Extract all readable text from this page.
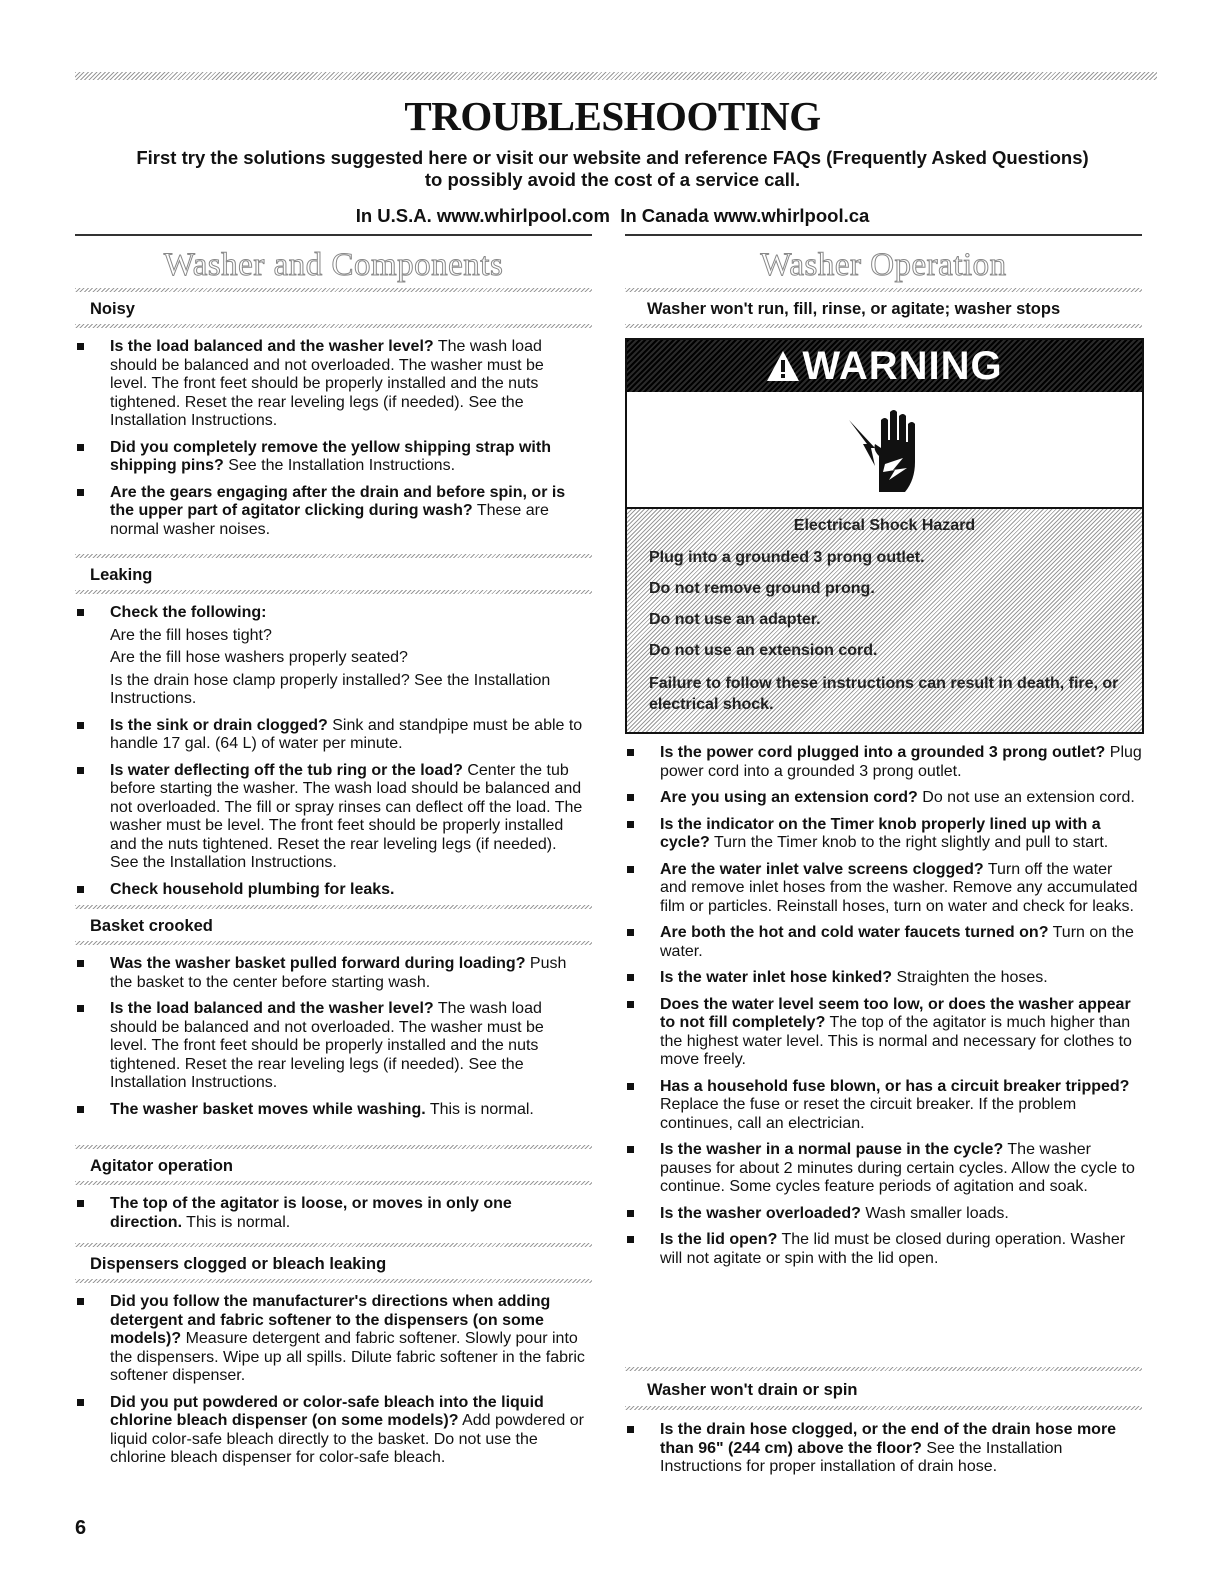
TROUBLESHOOTING
First try the solutions suggested here or visit our website and reference FAQs (Frequently Asked Questions)
to possibly avoid the cost of a service call.
In U.S.A. www.whirlpool.com  In Canada www.whirlpool.ca
Washer and Components	Washer Operation
Noisy
Is the load balanced and the washer level? The wash load should be balanced and not overloaded. The washer must be level. The front feet should be properly installed and the nuts tightened. Reset the rear leveling legs (if needed). See the Installation Instructions.
Did you completely remove the yellow shipping strap with shipping pins? See the Installation Instructions.
Are the gears engaging after the drain and before spin, or is the upper part of agitator clicking during wash? These are normal washer noises.
Leaking
Check the following:
Are the fill hoses tight?
Are the fill hose washers properly seated?
Is the drain hose clamp properly installed? See the Installation Instructions.
Is the sink or drain clogged? Sink and standpipe must be able to handle 17 gal. (64 L) of water per minute.
Is water deflecting off the tub ring or the load? Center the tub before starting the washer. The wash load should be balanced and not overloaded. The fill or spray rinses can deflect off the load. The washer must be level. The front feet should be properly installed and the nuts tightened. Reset the rear leveling legs (if needed). See the Installation Instructions.
Check household plumbing for leaks.
Basket crooked
Was the washer basket pulled forward during loading? Push the basket to the center before starting wash.
Is the load balanced and the washer level? The wash load should be balanced and not overloaded. The washer must be level. The front feet should be properly installed and the nuts tightened. Reset the rear leveling legs (if needed). See the Installation Instructions.
The washer basket moves while washing. This is normal.
Agitator operation
The top of the agitator is loose, or moves in only one direction. This is normal.
Dispensers clogged or bleach leaking
Did you follow the manufacturer's directions when adding detergent and fabric softener to the dispensers (on some models)? Measure detergent and fabric softener. Slowly pour into the dispensers. Wipe up all spills. Dilute fabric softener in the fabric softener dispenser.
Did you put powdered or color-safe bleach into the liquid chlorine bleach dispenser (on some models)? Add powdered or liquid color-safe bleach directly to the basket. Do not use the chlorine bleach dispenser for color-safe bleach.
Washer won't run, fill, rinse, or agitate; washer stops
WARNING

Electrical Shock Hazard

Plug into a grounded 3 prong outlet.

Do not remove ground prong.

Do not use an adapter.

Do not use an extension cord.

Failure to follow these instructions can result in death, fire, or electrical shock.

Is the power cord plugged into a grounded 3 prong outlet? Plug power cord into a grounded 3 prong outlet.
Are you using an extension cord? Do not use an extension cord.
Is the indicator on the Timer knob properly lined up with a cycle? Turn the Timer knob to the right slightly and pull to start.
Are the water inlet valve screens clogged? Turn off the water and remove inlet hoses from the washer. Remove any accumulated film or particles. Reinstall hoses, turn on water and check for leaks.
Are both the hot and cold water faucets turned on? Turn on the water.
Is the water inlet hose kinked? Straighten the hoses.
Does the water level seem too low, or does the washer appear to not fill completely? The top of the agitator is much higher than the highest water level. This is normal and necessary for clothes to move freely.
Has a household fuse blown, or has a circuit breaker tripped? Replace the fuse or reset the circuit breaker. If the problem continues, call an electrician.
Is the washer in a normal pause in the cycle? The washer pauses for about 2 minutes during certain cycles. Allow the cycle to continue. Some cycles feature periods of agitation and soak.
Is the washer overloaded? Wash smaller loads.
Is the lid open? The lid must be closed during operation. Washer will not agitate or spin with the lid open.
Washer won't drain or spin
Is the drain hose clogged, or the end of the drain hose more than 96" (244 cm) above the floor? See the Installation Instructions for proper installation of drain hose.
6
